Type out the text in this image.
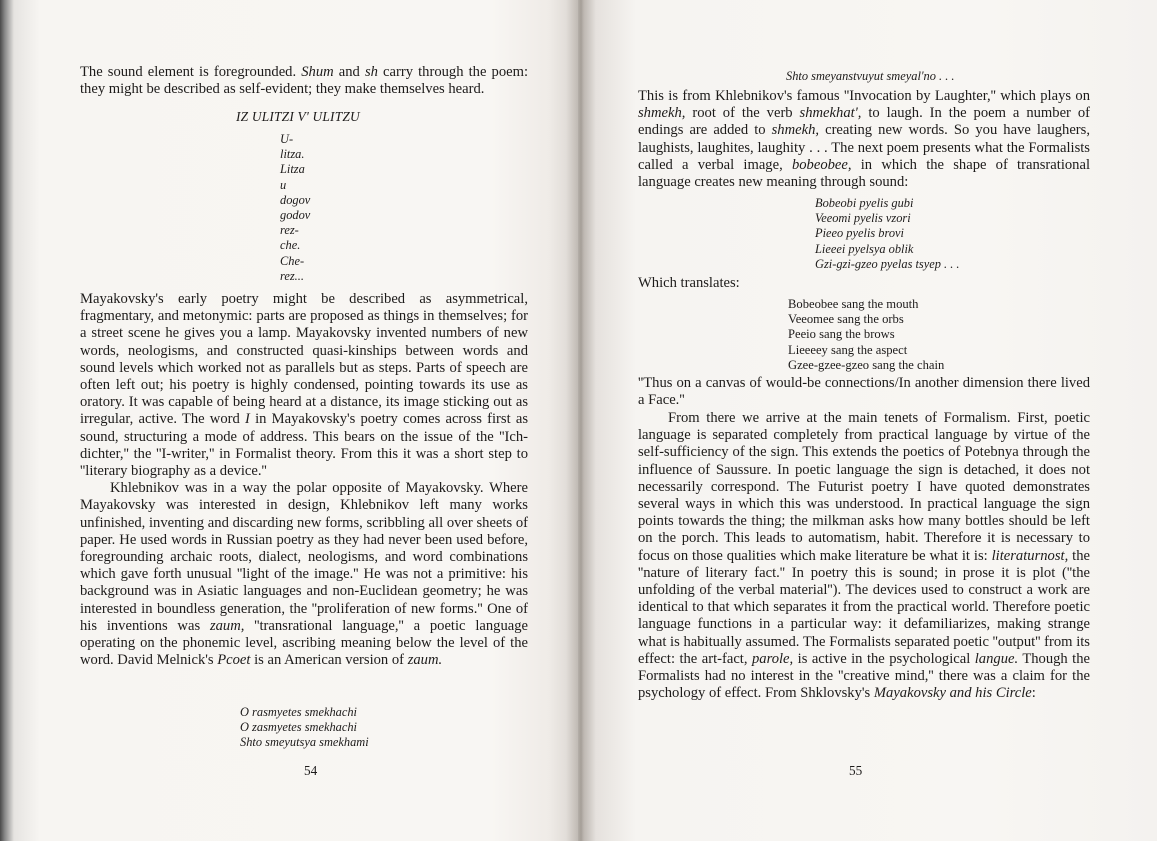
The sound element is foregrounded. Shum and sh carry through the poem: they might be described as self-evident; they make themselves heard.

IZ ULITZI V' ULITZU
U-
litza.
Litza
u
dogov
godov
rez-
che.
Che-
rez...

Mayakovsky's early poetry might be described as asymmetrical, fragmentary, and metonymic: parts are proposed as things in themselves; for a street scene he gives you a lamp. Mayakovsky invented numbers of new words, neologisms, and constructed quasi-kinships between words and sound levels which worked not as parallels but as steps. Parts of speech are often left out; his poetry is highly condensed, pointing towards its use as oratory. It was capable of being heard at a distance, its image sticking out as irregular, active. The word I in Mayakovsky's poetry comes across first as sound, structuring a mode of address. This bears on the issue of the ''Ich-dichter,'' the ''I-writer,'' in Formalist theory. From this it was a short step to ''literary biography as a device.''

Khlebnikov was in a way the polar opposite of Mayakovsky. Where Mayakovsky was interested in design, Khlebnikov left many works unfinished, inventing and discarding new forms, scribbling all over sheets of paper. He used words in Russian poetry as they had never been used before, foregrounding archaic roots, dialect, neologisms, and word combinations which gave forth unusual ''light of the image.'' He was not a primitive: his background was in Asiatic languages and non-Euclidean geometry; he was interested in boundless generation, the ''proliferation of new forms.'' One of his inventions was zaum, ''transrational language,'' a poetic language operating on the phonemic level, ascribing meaning below the level of the word. David Melnick's Pcoet is an American version of zaum.

O rasmyetes smekhachi
O zasmyetes smekhachi
Shto smeyutsya smekhami
54
Shto smeyanstvuyut smeyal'no . . .

This is from Khlebnikov's famous ''Invocation by Laughter,'' which plays on shmekh, root of the verb shmekhat', to laugh. In the poem a number of endings are added to shmekh, creating new words. So you have laughers, laughists, laughites, laughity . . . The next poem presents what the Formalists called a verbal image, bobeobee, in which the shape of transrational language creates new meaning through sound:

Bobeobi pyelis gubi
Veeomi pyelis vzori
Pieeo pyelis brovi
Lieeei pyelsya oblik
Gzi-gzi-gzeo pyelas tsyep . . .
Which translates:
Bobeobee sang the mouth
Veeomee sang the orbs
Peeio sang the brows
Lieeeey sang the aspect
Gzee-gzee-gzeo sang the chain
''Thus on a canvas of would-be connections/In another dimension there lived a Face.''

From there we arrive at the main tenets of Formalism. First, poetic language is separated completely from practical language by virtue of the self-sufficiency of the sign. This extends the poetics of Potebnya through the influence of Saussure. In poetic language the sign is detached, it does not necessarily correspond. The Futurist poetry I have quoted demonstrates several ways in which this was understood. In practical language the sign points towards the thing; the milkman asks how many bottles should be left on the porch. This leads to automatism, habit. Therefore it is necessary to focus on those qualities which make literature be what it is: literaturnost, the ''nature of literary fact.'' In poetry this is sound; in prose it is plot (''the unfolding of the verbal material''). The devices used to construct a work are identical to that which separates it from the practical world. Therefore poetic language functions in a particular way: it defamiliarizes, making strange what is habitually assumed. The Formalists separated poetic ''output'' from its effect: the art-fact, parole, is active in the psychological langue. Though the Formalists had no interest in the ''creative mind,'' there was a claim for the psychology of effect. From Shklovsky's Mayakovsky and his Circle:

55
